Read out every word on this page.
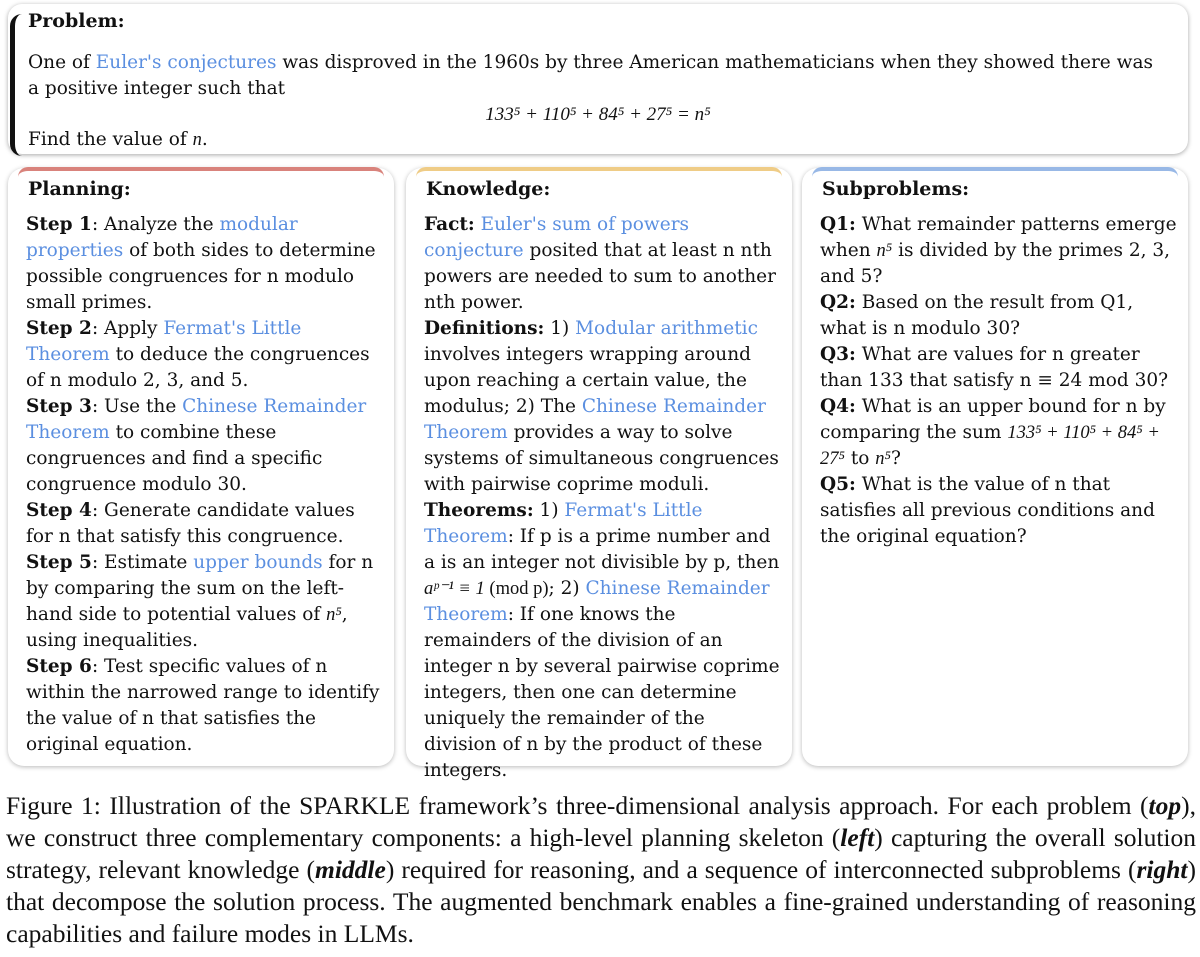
Problem:
One of Euler's conjectures was disproved in the 1960s by three American mathematicians when they showed there was a positive integer such that
133⁵ + 110⁵ + 84⁵ + 27⁵ = n⁵
Find the value of n.
Planning:

Step 1: Analyze the modular properties of both sides to determine possible congruences for n modulo small primes.

Step 2: Apply Fermat's Little Theorem to deduce the congruences of n modulo 2, 3, and 5.

Step 3: Use the Chinese Remainder Theorem to combine these congruences and find a specific congruence modulo 30.

Step 4: Generate candidate values for n that satisfy this congruence.

Step 5: Estimate upper bounds for n by comparing the sum on the left-hand side to potential values of n⁵, using inequalities.

Step 6: Test specific values of n within the narrowed range to identify the value of n that satisfies the original equation.

Knowledge:

Fact: Euler's sum of powers conjecture posited that at least n nth powers are needed to sum to another nth power.

Definitions: 1) Modular arithmetic involves integers wrapping around upon reaching a certain value, the modulus; 2) The Chinese Remainder Theorem provides a way to solve systems of simultaneous congruences with pairwise coprime moduli.

Theorems: 1) Fermat's Little Theorem: If p is a prime number and a is an integer not divisible by p, then aᵖ⁻¹ ≡ 1 (mod p); 2) Chinese Remainder Theorem: If one knows the remainders of the division of an integer n by several pairwise coprime integers, then one can determine uniquely the remainder of the division of n by the product of these integers.

Subproblems:

Q1: What remainder patterns emerge when n⁵ is divided by the primes 2, 3, and 5?

Q2: Based on the result from Q1, what is n modulo 30?

Q3: What are values for n greater than 133 that satisfy n ≡ 24 mod 30?

Q4: What is an upper bound for n by comparing the sum 133⁵ + 110⁵ + 84⁵ + 27⁵ to n⁵?

Q5: What is the value of n that satisfies all previous conditions and the original equation?

Figure 1: Illustration of the SPARKLE framework’s three-dimensional analysis approach. For each problem (top), we construct three complementary components: a high-level planning skeleton (left) capturing the overall solution strategy, relevant knowledge (middle) required for reasoning, and a sequence of interconnected subproblems (right) that decompose the solution process. The augmented benchmark enables a fine-grained understanding of reasoning capabilities and failure modes in LLMs.
